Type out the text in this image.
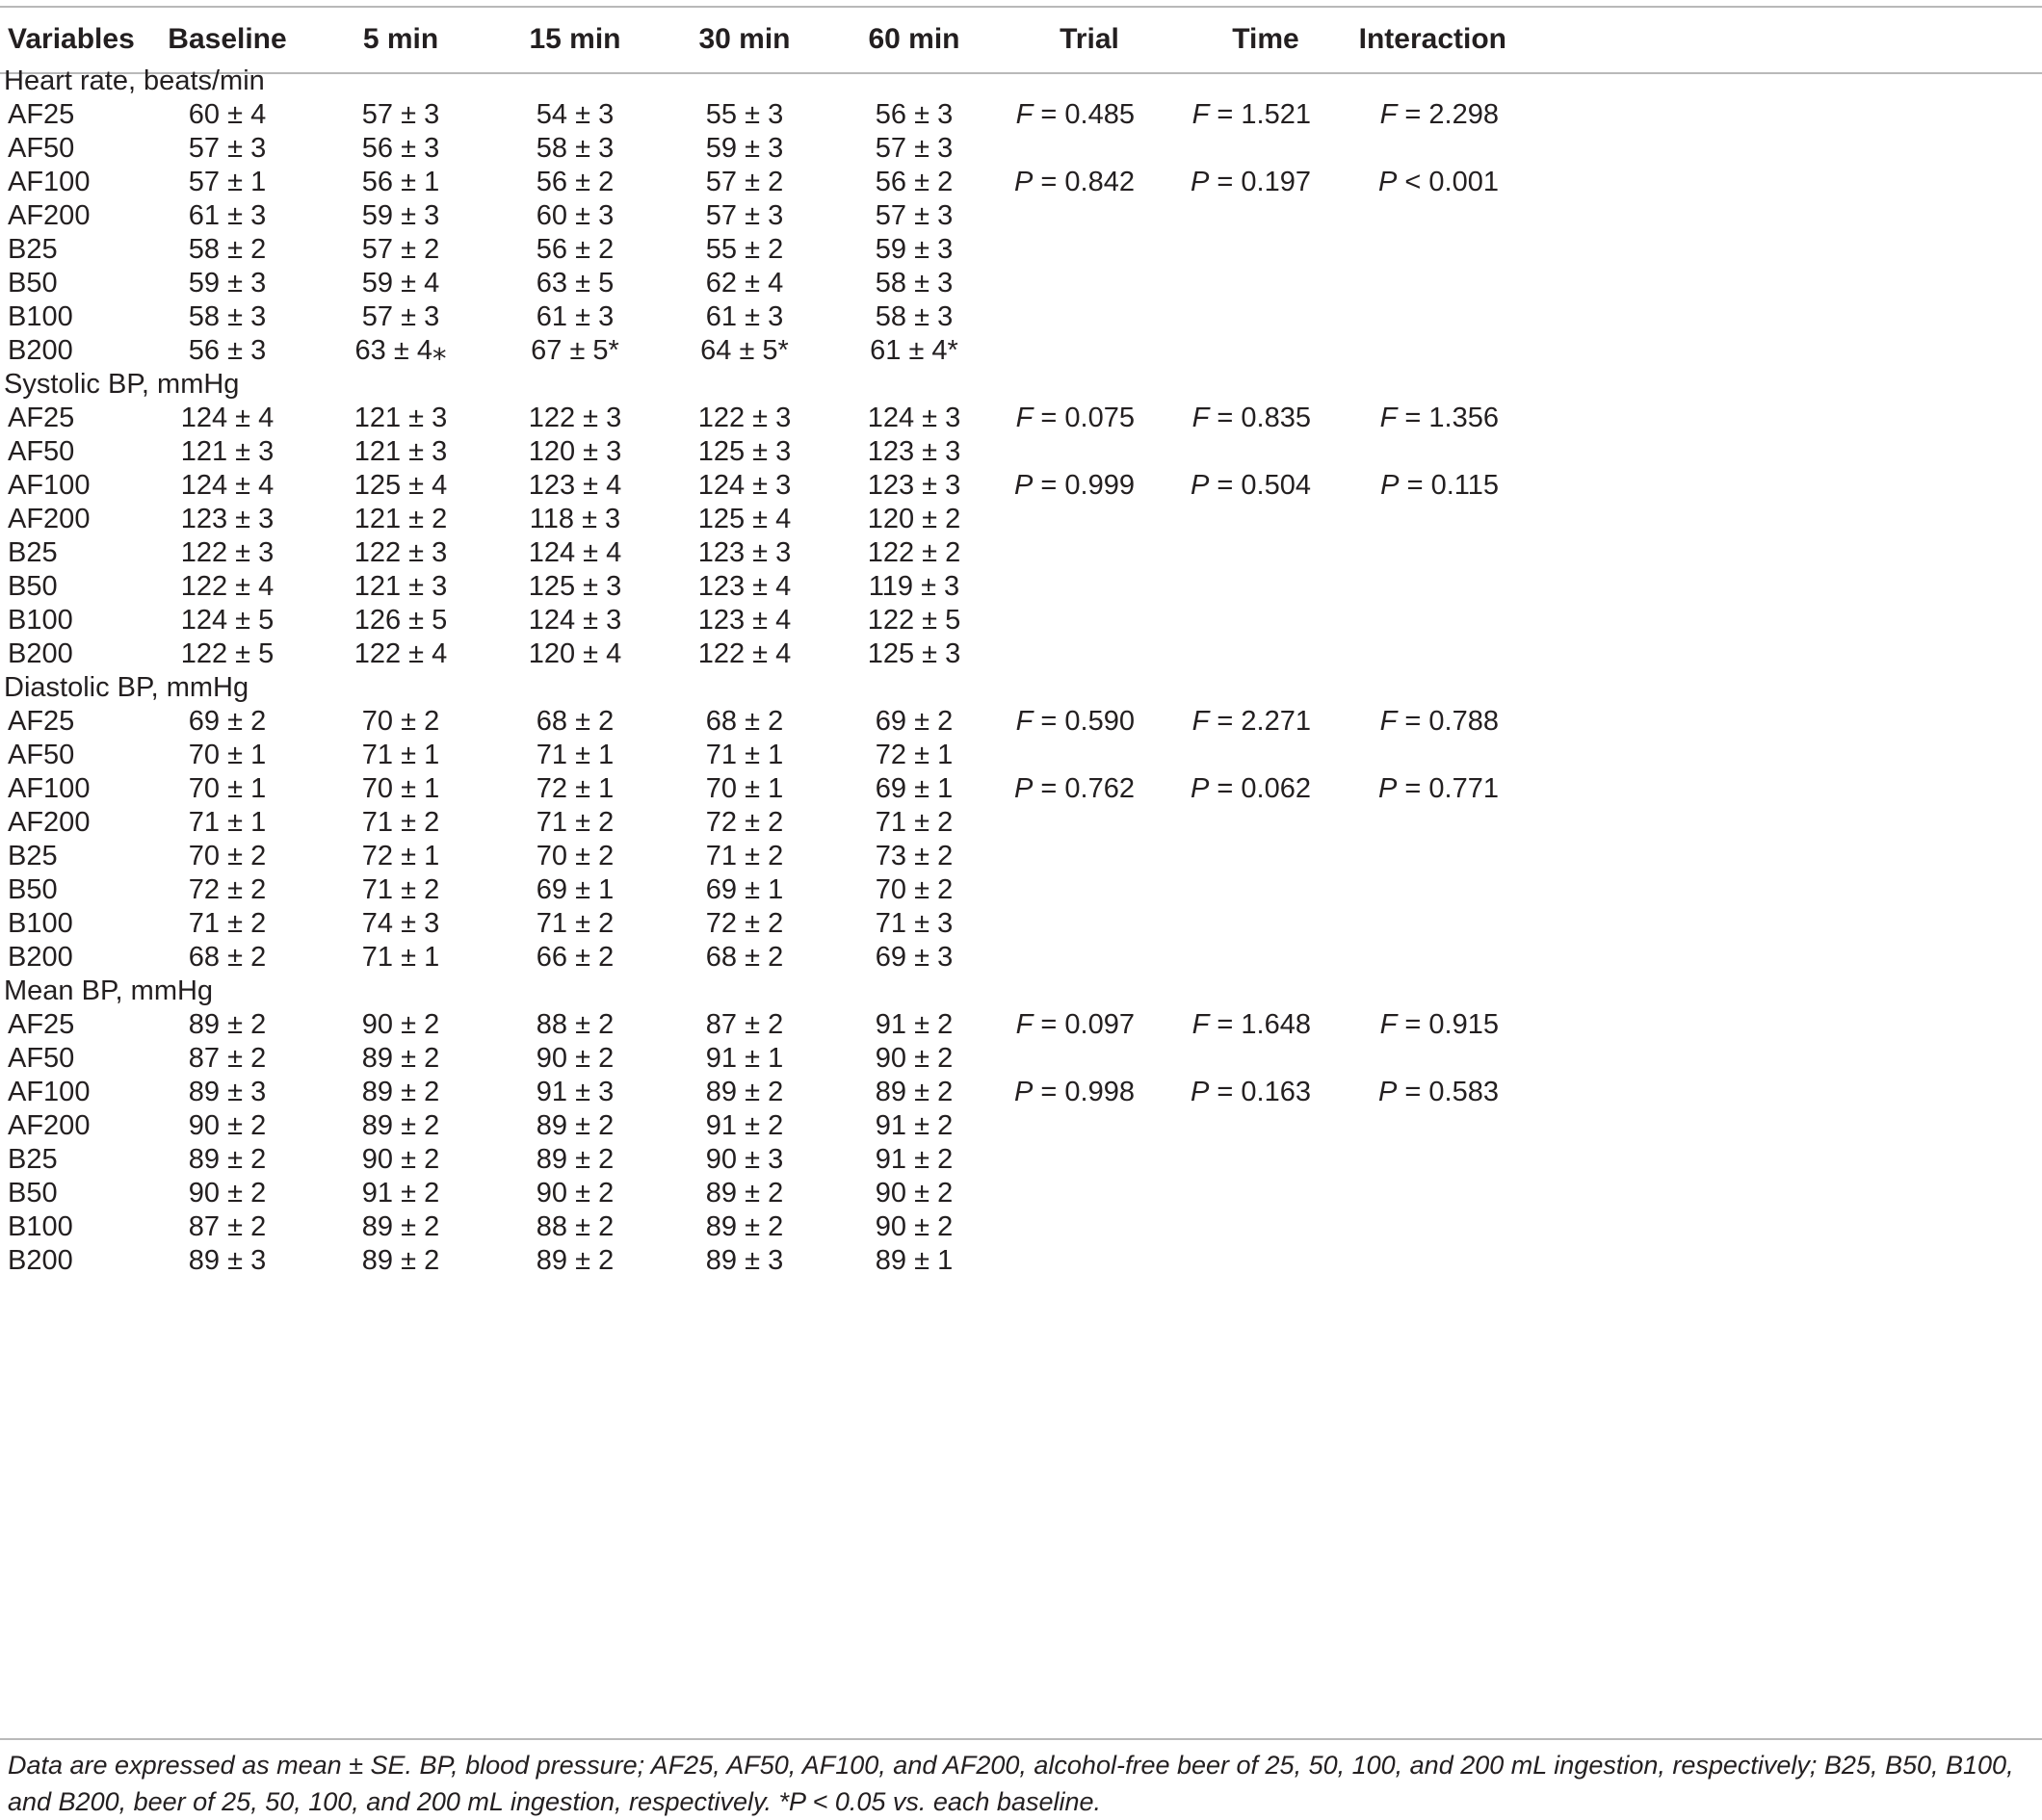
Variables	Baseline	5 min	15 min	30 min	60 min	Trial	Time	Interaction
Heart rate, beats/min
AF25	60 ± 4	57 ± 3	54 ± 3	55 ± 3	56 ± 3	F = 0.485	F = 1.521	F = 2.298
AF50	57 ± 3	56 ± 3	58 ± 3	59 ± 3	57 ± 3
AF100	57 ± 1	56 ± 1	56 ± 2	57 ± 2	56 ± 2	P = 0.842	P = 0.197	P < 0.001
AF200	61 ± 3	59 ± 3	60 ± 3	57 ± 3	57 ± 3
B25	58 ± 2	57 ± 2	56 ± 2	55 ± 2	59 ± 3
B50	59 ± 3	59 ± 4	63 ± 5	62 ± 4	58 ± 3
B100	58 ± 3	57 ± 3	61 ± 3	61 ± 3	58 ± 3
B200	56 ± 3	63 ± 4⁎	67 ± 5*	64 ± 5*	61 ± 4*
Systolic BP, mmHg
AF25	124 ± 4	121 ± 3	122 ± 3	122 ± 3	124 ± 3	F = 0.075	F = 0.835	F = 1.356
AF50	121 ± 3	121 ± 3	120 ± 3	125 ± 3	123 ± 3
AF100	124 ± 4	125 ± 4	123 ± 4	124 ± 3	123 ± 3	P = 0.999	P = 0.504	P = 0.115
AF200	123 ± 3	121 ± 2	118 ± 3	125 ± 4	120 ± 2
B25	122 ± 3	122 ± 3	124 ± 4	123 ± 3	122 ± 2
B50	122 ± 4	121 ± 3	125 ± 3	123 ± 4	119 ± 3
B100	124 ± 5	126 ± 5	124 ± 3	123 ± 4	122 ± 5
B200	122 ± 5	122 ± 4	120 ± 4	122 ± 4	125 ± 3
Diastolic BP, mmHg
AF25	69 ± 2	70 ± 2	68 ± 2	68 ± 2	69 ± 2	F = 0.590	F = 2.271	F = 0.788
AF50	70 ± 1	71 ± 1	71 ± 1	71 ± 1	72 ± 1
AF100	70 ± 1	70 ± 1	72 ± 1	70 ± 1	69 ± 1	P = 0.762	P = 0.062	P = 0.771
AF200	71 ± 1	71 ± 2	71 ± 2	72 ± 2	71 ± 2
B25	70 ± 2	72 ± 1	70 ± 2	71 ± 2	73 ± 2
B50	72 ± 2	71 ± 2	69 ± 1	69 ± 1	70 ± 2
B100	71 ± 2	74 ± 3	71 ± 2	72 ± 2	71 ± 3
B200	68 ± 2	71 ± 1	66 ± 2	68 ± 2	69 ± 3
Mean BP, mmHg
AF25	89 ± 2	90 ± 2	88 ± 2	87 ± 2	91 ± 2	F = 0.097	F = 1.648	F = 0.915
AF50	87 ± 2	89 ± 2	90 ± 2	91 ± 1	90 ± 2
AF100	89 ± 3	89 ± 2	91 ± 3	89 ± 2	89 ± 2	P = 0.998	P = 0.163	P = 0.583
AF200	90 ± 2	89 ± 2	89 ± 2	91 ± 2	91 ± 2
B25	89 ± 2	90 ± 2	89 ± 2	90 ± 3	91 ± 2
B50	90 ± 2	91 ± 2	90 ± 2	89 ± 2	90 ± 2
B100	87 ± 2	89 ± 2	88 ± 2	89 ± 2	90 ± 2
B200	89 ± 3	89 ± 2	89 ± 2	89 ± 3	89 ± 1
Data are expressed as mean ± SE. BP, blood pressure; AF25, AF50, AF100, and AF200, alcohol-free beer of 25, 50, 100, and 200 mL ingestion, respectively; B25, B50, B100, and B200, beer of 25, 50, 100, and 200 mL ingestion, respectively. *P < 0.05 vs. each baseline.
